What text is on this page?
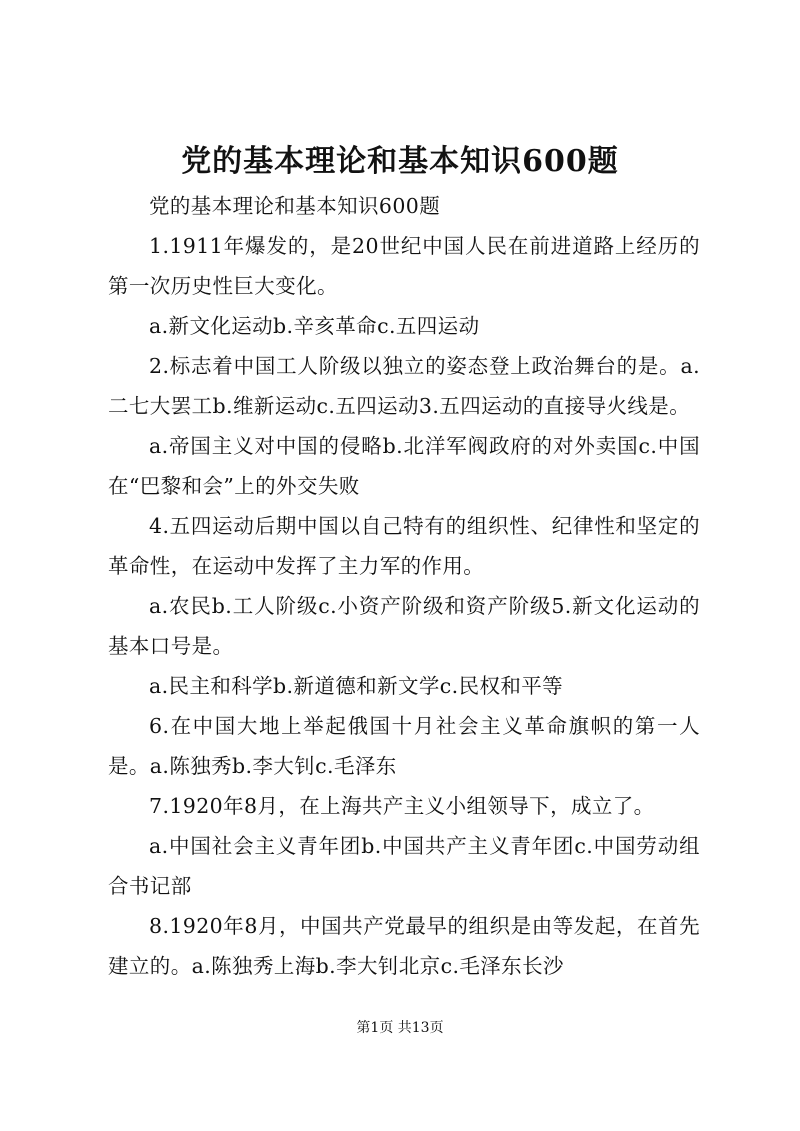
党的基本理论和基本知识600题

党的基本理论和基本知识600题

1.1911年爆发的，是20世纪中国人民在前进道路上经历的第一次历史性巨大变化。

a.新文化运动b.辛亥革命c.五四运动

2.标志着中国工人阶级以独立的姿态登上政治舞台的是。a.二七大罢工b.维新运动c.五四运动3.五四运动的直接导火线是。

a.帝国主义对中国的侵略b.北洋军阀政府的对外卖国c.中国在“巴黎和会”上的外交失败

4.五四运动后期中国以自己特有的组织性、纪律性和坚定的革命性，在运动中发挥了主力军的作用。

a.农民b.工人阶级c.小资产阶级和资产阶级5.新文化运动的基本口号是。

a.民主和科学b.新道德和新文学c.民权和平等

6.在中国大地上举起俄国十月社会主义革命旗帜的第一人是。a.陈独秀b.李大钊c.毛泽东

7.1920年8月，在上海共产主义小组领导下，成立了。

a.中国社会主义青年团b.中国共产主义青年团c.中国劳动组合书记部

8.1920年8月，中国共产党最早的组织是由等发起，在首先建立的。a.陈独秀上海b.李大钊北京c.毛泽东长沙

第1页 共13页
